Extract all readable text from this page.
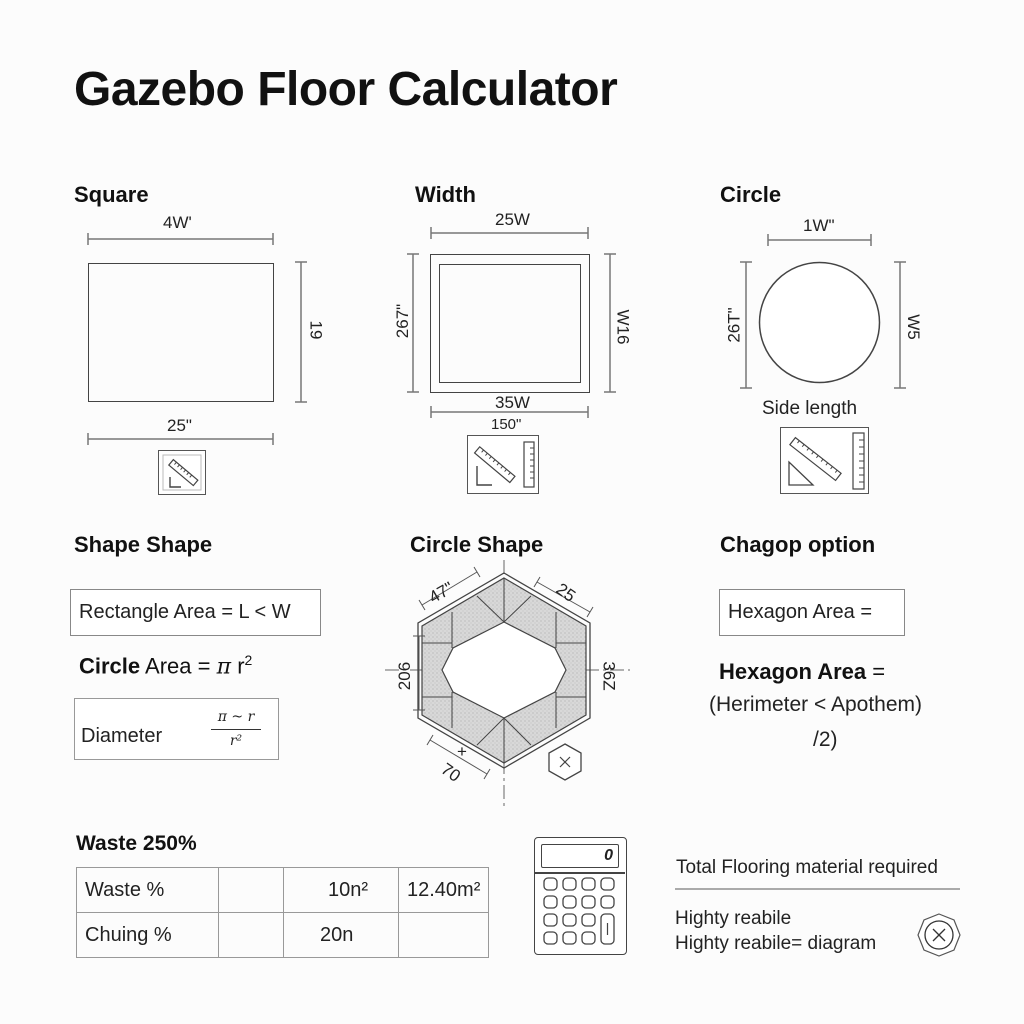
Gazebo Floor Calculator
Square
4W'
19
25"
Width
25W
267"	W16
35W
150"
Circle
1W"
26T"	W5
Side length
Shape Shape
Rectangle Area = L < W
Circle Area = π $r^2$
Diameter
π ~ r
r²
Circle Shape
47"	25
206	36Z
+
70
Chagop option
Hexagon Area =
Hexagon Area =
(Herimeter < Apothem)
/2)
Waste 250%
Waste %		10n²	12.40m²
Chuing %		20n	
0
Total Flooring material required
Highty reabile
Highty reabile= diagram
